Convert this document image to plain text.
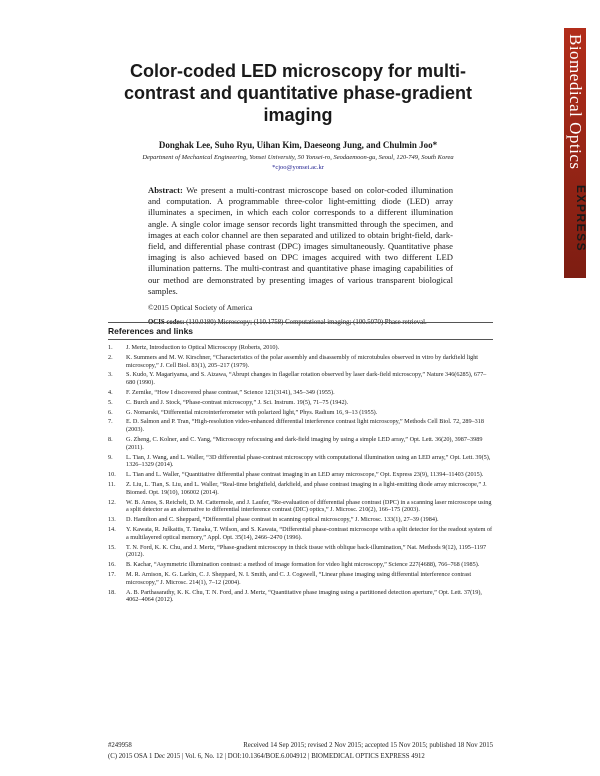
Biomedical Optics
EXPRESS
Color-coded LED microscopy for multi-contrast and quantitative phase-gradient imaging
Donghak Lee, Suho Ryu, Uihan Kim, Daeseong Jung, and Chulmin Joo*
Department of Mechanical Engineering, Yonsei University, 50 Yonsei-ro, Seodaemoon-gu, Seoul, 120-749, South Korea
*cjoo@yonsei.ac.kr
Abstract: We present a multi-contrast microscope based on color-coded illumination and computation. A programmable three-color light-emitting diode (LED) array illuminates a specimen, in which each color corresponds to a different illumination angle. A single color image sensor records light transmitted through the specimen, and images at each color channel are then separated and utilized to obtain bright-field, dark-field, and differential phase contrast (DPC) images simultaneously. Quantitative phase imaging is also achieved based on DPC images acquired with two different LED illumination patterns. The multi-contrast and quantitative phase imaging capabilities of our method are demonstrated by presenting images of various transparent biological samples.
©2015 Optical Society of America
OCIS codes: (110.0180) Microscopy; (110.1758) Computational imaging; (100.5070) Phase retrieval.
References and links
1.	J. Mertz, Introduction to Optical Microscopy (Roberts, 2010).
2.	K. Summers and M. W. Kirschner, “Characteristics of the polar assembly and disassembly of microtubules observed in vitro by darkfield light microscopy,” J. Cell Biol. 83(1), 205–217 (1979).
3.	S. Kudo, Y. Magariyama, and S. Aizawa, “Abrupt changes in flagellar rotation observed by laser dark-field microscopy,” Nature 346(6285), 677–680 (1990).
4.	F. Zernike, “How I discovered phase contrast,” Science 121(3141), 345–349 (1955).
5.	C. Burch and J. Stock, “Phase-contrast microscopy,” J. Sci. Instrum. 19(5), 71–75 (1942).
6.	G. Nomarski, “Differential microinterferometer with polarized light,” Phys. Radium 16, 9–13 (1955).
7.	E. D. Salmon and P. Tran, “High-resolution video-enhanced differential interference contrast light microscopy,” Methods Cell Biol. 72, 289–318 (2003).
8.	G. Zheng, C. Kolner, and C. Yang, “Microscopy refocusing and dark-field imaging by using a simple LED array,” Opt. Lett. 36(20), 3987–3989 (2011).
9.	L. Tian, J. Wang, and L. Waller, “3D differential phase-contrast microscopy with computational illumination using an LED array,” Opt. Lett. 39(5), 1326–1329 (2014).
10.	L. Tian and L. Waller, “Quantitative differential phase contrast imaging in an LED array microscope,” Opt. Express 23(9), 11394–11403 (2015).
11.	Z. Liu, L. Tian, S. Liu, and L. Waller, “Real-time brightfield, darkfield, and phase contrast imaging in a light-emitting diode array microscope,” J. Biomed. Opt. 19(10), 106002 (2014).
12.	W. B. Amos, S. Reichelt, D. M. Cattermole, and J. Laufer, “Re-evaluation of differential phase contrast (DPC) in a scanning laser microscope using a split detector as an alternative to differential interference contrast (DIC) optics,” J. Microsc. 210(2), 166–175 (2003).
13.	D. Hamilton and C. Sheppard, “Differential phase contrast in scanning optical microscopy,” J. Microsc. 133(1), 27–39 (1984).
14.	Y. Kawata, R. Juškaitis, T. Tanaka, T. Wilson, and S. Kawata, “Differential phase-contrast microscope with a split detector for the readout system of a multilayered optical memory,” Appl. Opt. 35(14), 2466–2470 (1996).
15.	T. N. Ford, K. K. Chu, and J. Mertz, “Phase-gradient microscopy in thick tissue with oblique back-illumination,” Nat. Methods 9(12), 1195–1197 (2012).
16.	B. Kachar, “Asymmetric illumination contrast: a method of image formation for video light microscopy,” Science 227(4688), 766–768 (1985).
17.	M. R. Arnison, K. G. Larkin, C. J. Sheppard, N. I. Smith, and C. J. Cogswell, “Linear phase imaging using differential interference contrast microscopy,” J. Microsc. 214(1), 7–12 (2004).
18.	A. B. Parthasarathy, K. K. Chu, T. N. Ford, and J. Mertz, “Quantitative phase imaging using a partitioned detection aperture,” Opt. Lett. 37(19), 4062–4064 (2012).
#249958	Received 14 Sep 2015; revised 2 Nov 2015; accepted 15 Nov 2015; published 18 Nov 2015
(C) 2015 OSA 1 Dec 2015 | Vol. 6, No. 12 | DOI:10.1364/BOE.6.004912 | BIOMEDICAL OPTICS EXPRESS 4912
